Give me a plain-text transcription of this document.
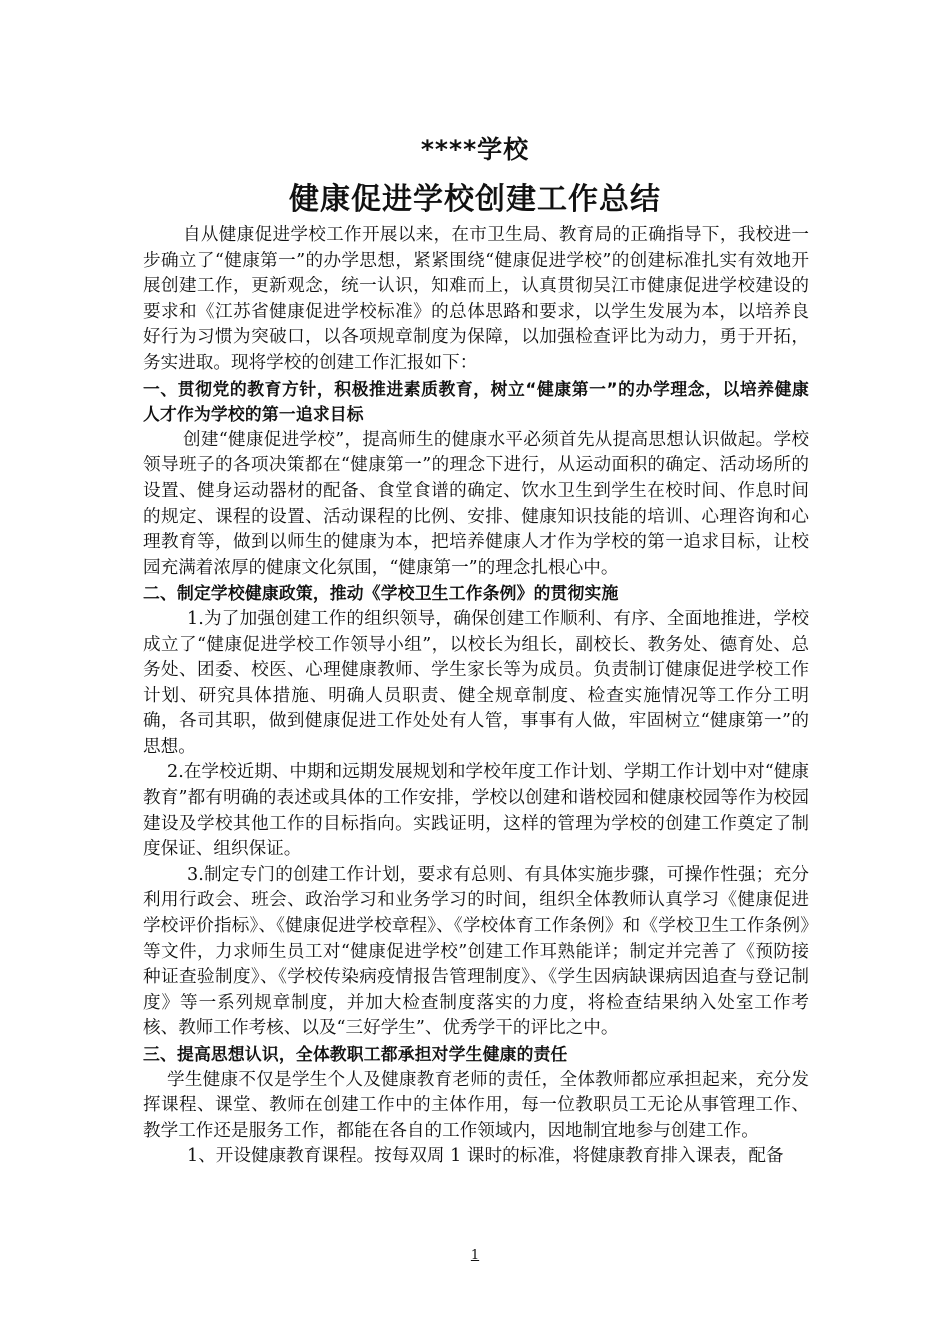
****学校
健康促进学校创建工作总结

自从健康促进学校工作开展以来，在市卫生局、教育局的正确指导下，我校进一步确立了“健康第一”的办学思想，紧紧围绕“健康促进学校”的创建标准扎实有效地开展创建工作，更新观念，统一认识，知难而上，认真贯彻吴江市健康促进学校建设的要求和《江苏省健康促进学校标准》的总体思路和要求，以学生发展为本，以培养良好行为习惯为突破口，以各项规章制度为保障，以加强检查评比为动力，勇于开拓，务实进取。现将学校的创建工作汇报如下：

一、贯彻党的教育方针，积极推进素质教育，树立“健康第一”的办学理念，以培养健康人才作为学校的第一追求目标

创建“健康促进学校”，提高师生的健康水平必须首先从提高思想认识做起。学校领导班子的各项决策都在“健康第一”的理念下进行，从运动面积的确定、活动场所的设置、健身运动器材的配备、食堂食谱的确定、饮水卫生到学生在校时间、作息时间的规定、课程的设置、活动课程的比例、安排、健康知识技能的培训、心理咨询和心理教育等，做到以师生的健康为本，把培养健康人才作为学校的第一追求目标，让校园充满着浓厚的健康文化氛围，“健康第一”的理念扎根心中。

二、制定学校健康政策，推动《学校卫生工作条例》的贯彻实施

1.为了加强创建工作的组织领导，确保创建工作顺利、有序、全面地推进，学校成立了“健康促进学校工作领导小组”，以校长为组长，副校长、教务处、德育处、总务处、团委、校医、心理健康教师、学生家长等为成员。负责制订健康促进学校工作计划、研究具体措施、明确人员职责、健全规章制度、检查实施情况等工作分工明确，各司其职，做到健康促进工作处处有人管，事事有人做，牢固树立“健康第一”的思想。

2.在学校近期、中期和远期发展规划和学校年度工作计划、学期工作计划中对“健康教育”都有明确的表述或具体的工作安排，学校以创建和谐校园和健康校园等作为校园建设及学校其他工作的目标指向。实践证明，这样的管理为学校的创建工作奠定了制度保证、组织保证。

3.制定专门的创建工作计划，要求有总则、有具体实施步骤，可操作性强；充分利用行政会、班会、政治学习和业务学习的时间，组织全体教师认真学习《健康促进学校评价指标》、《健康促进学校章程》、《学校体育工作条例》和《学校卫生工作条例》等文件，力求师生员工对“健康促进学校”创建工作耳熟能详；制定并完善了《预防接种证查验制度》、《学校传染病疫情报告管理制度》、《学生因病缺课病因追查与登记制度》等一系列规章制度，并加大检查制度落实的力度，将检查结果纳入处室工作考核、教师工作考核、以及“三好学生”、优秀学干的评比之中。

三、提高思想认识，全体教职工都承担对学生健康的责任

学生健康不仅是学生个人及健康教育老师的责任，全体教师都应承担起来，充分发挥课程、课堂、教师在创建工作中的主体作用，每一位教职员工无论从事管理工作、教学工作还是服务工作，都能在各自的工作领域内，因地制宜地参与创建工作。

1、开设健康教育课程。按每双周 1 课时的标准，将健康教育排入课表，配备

1
